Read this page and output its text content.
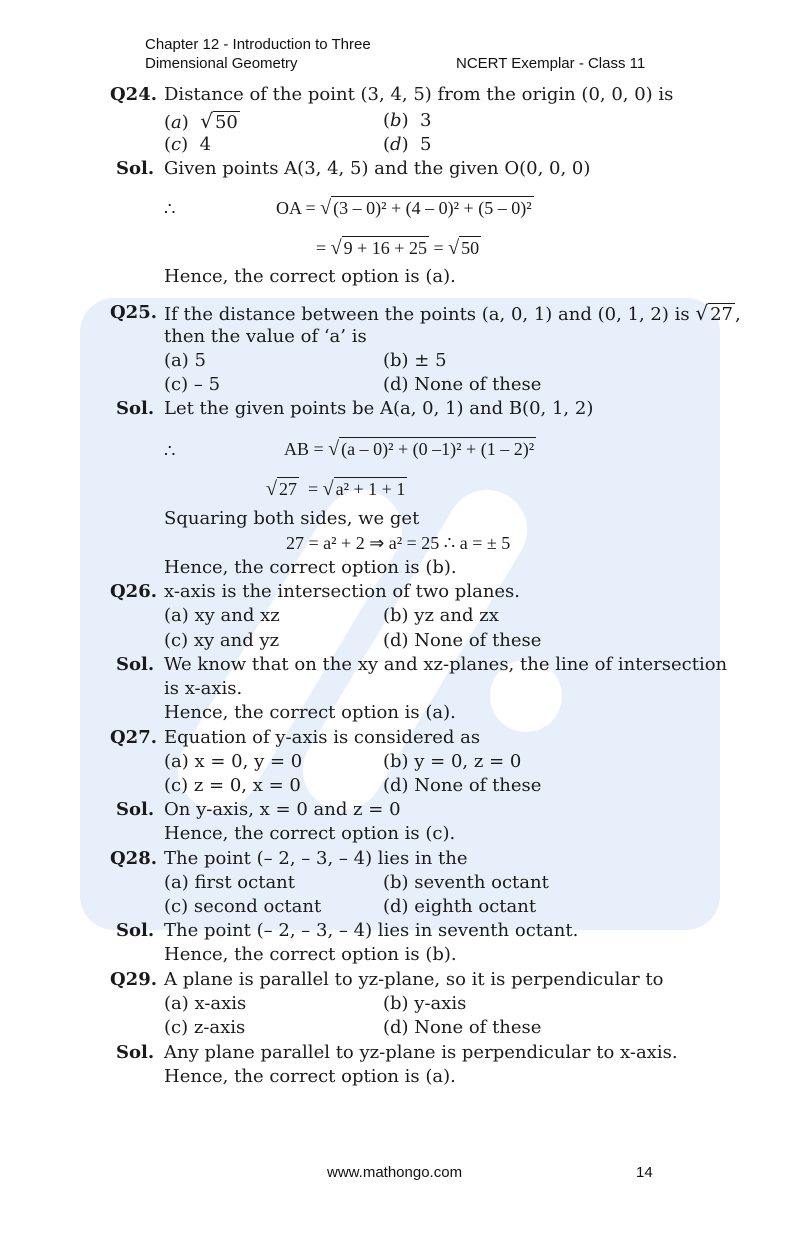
Chapter 12 - Introduction to Three
Dimensional Geometry	NCERT Exemplar - Class 11
Q24. Distance of the point (3, 4, 5) from the origin (0, 0, 0) is
(a)  √ 50	(b)  3
(c)  4	(d)  5
Sol. Given points A(3, 4, 5) and the given O(0, 0, 0)
∴	OA = √ (3 – 0)² + (4 – 0)² + (5 – 0)²
= √ 9 + 16 + 25 = √ 50
Hence, the correct option is (a).
Q25. If the distance between the points (a, 0, 1) and (0, 1, 2) is √ 27 ,
then the value of ‘a’ is
(a) 5	(b) ± 5
(c) – 5	(d) None of these
Sol. Let the given points be A(a, 0, 1) and B(0, 1, 2)
∴	AB = √ (a – 0)² + (0 –1)² + (1 – 2)²
√ 27 = √ a² + 1 + 1
Squaring both sides, we get
27 = a² + 2 ⇒ a² = 25 ∴ a = ± 5
Hence, the correct option is (b).
Q26. x-axis is the intersection of two planes.
(a) xy and xz	(b) yz and zx
(c) xy and yz	(d) None of these
Sol. We know that on the xy and xz-planes, the line of intersection
is x-axis.
Hence, the correct option is (a).
Q27. Equation of y-axis is considered as
(a) x = 0, y = 0	(b) y = 0, z = 0
(c) z = 0, x = 0	(d) None of these
Sol. On y-axis, x = 0 and z = 0
Hence, the correct option is (c).
Q28. The point (– 2, – 3, – 4) lies in the
(a) first octant	(b) seventh octant
(c) second octant	(d) eighth octant
Sol. The point (– 2, – 3, – 4) lies in seventh octant.
Hence, the correct option is (b).
Q29. A plane is parallel to yz-plane, so it is perpendicular to
(a) x-axis	(b) y-axis
(c) z-axis	(d) None of these
Sol. Any plane parallel to yz-plane is perpendicular to x-axis.
Hence, the correct option is (a).
www.mathongo.com	14
